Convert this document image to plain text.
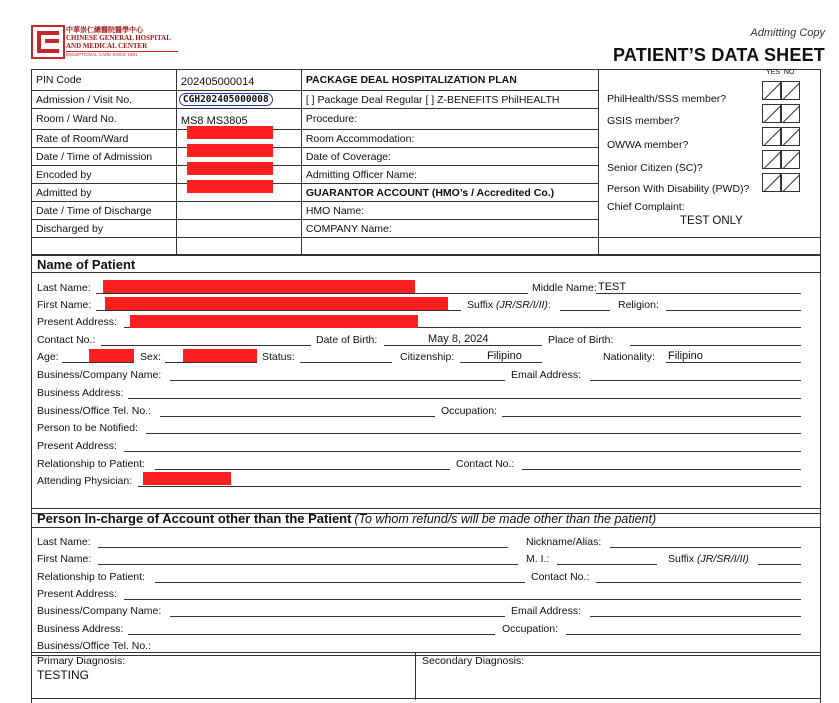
中華崇仁總醫院醫學中心
CHINESE GENERAL HOSPITAL
AND MEDICAL CENTER
EXCEPTIONAL CARE SINCE 1891
Admitting Copy
PATIENT’S DATA SHEET
PIN Code	202405000014	PACKAGE DEAL HOSPITALIZATION PLAN	
Admission / Visit No.	CGH202405000008	[ ] Package Deal Regular [ ] Z-BENEFITS PhilHEALTH	
Room / Ward No.	MS8 MS3805	Procedure:	
Rate of Room/Ward		Room Accommodation:	
Date / Time of Admission		Date of Coverage:	
Encoded by		Admitting Officer Name:	
Admitted by		GUARANTOR ACCOUNT (HMO’s / Accredited Co.)	
Date / Time of Discharge		HMO Name:	
Discharged by		COMPANY Name:	

YES NO
PhilHealth/SSS member?
GSIS member?
OWWA member?
Senior Citizen (SC)?
Person With Disability (PWD)?
Chief Complaint:
TEST ONLY
Name of Patient
Last Name:	Middle Name: TEST
First Name:	Suffix (JR/SR/I/II):	Religion:
Present Address:
Contact No.:	Date of Birth:	May 8, 2024	Place of Birth:
Age:	Sex:	Status:	Citizenship:	Filipino	Nationality: Filipino
Business/Company Name:	Email Address:
Business Address:
Business/Office Tel. No.:	Occupation:
Person to be Notified:
Present Address:
Relationship to Patient:	Contact No.:
Attending Physician:
Person In-charge of Account other than the Patient (To whom refund/s will be made other than the patient)
Last Name:	Nickname/Alias:
First Name:	M. I.:	Suffix (JR/SR/I/II)
Relationship to Patient:	Contact No.:
Present Address:
Business/Company Name:	Email Address:
Business Address:	Occupation:
Business/Office Tel. No.:
Primary Diagnosis:
TESTING
Secondary Diagnosis:
